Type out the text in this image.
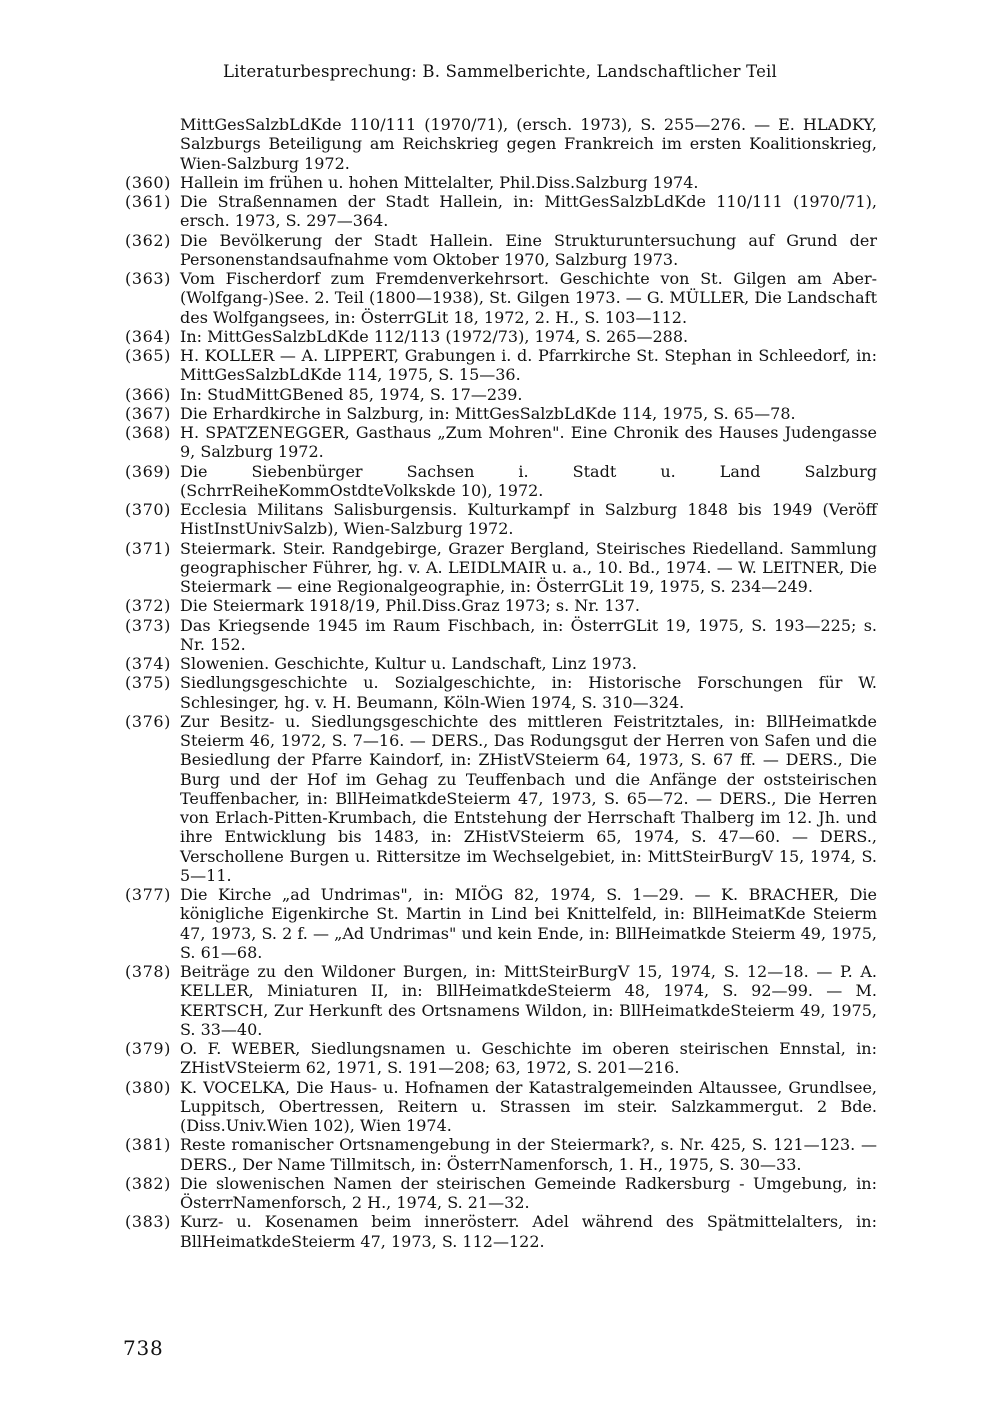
Literaturbesprechung: B. Sammelberichte, Landschaftlicher Teil
MittGesSalzbLdKde 110/111 (1970/71), (ersch. 1973), S. 255—276. — E. HLADKY, Salzburgs Beteiligung am Reichskrieg gegen Frankreich im ersten Koalitionskrieg, Wien-Salzburg 1972.
(360) Hallein im frühen u. hohen Mittelalter, Phil.Diss.Salzburg 1974.
(361) Die Straßennamen der Stadt Hallein, in: MittGesSalzbLdKde 110/111 (1970/71), ersch. 1973, S. 297—364.
(362) Die Bevölkerung der Stadt Hallein. Eine Strukturuntersuchung auf Grund der Personenstandsaufnahme vom Oktober 1970, Salzburg 1973.
(363) Vom Fischerdorf zum Fremdenverkehrsort. Geschichte von St. Gilgen am Aber-(Wolfgang-)See. 2. Teil (1800—1938), St. Gilgen 1973. — G. MÜLLER, Die Landschaft des Wolfgangsees, in: ÖsterrGLit 18, 1972, 2. H., S. 103—112.
(364) In: MittGesSalzbLdKde 112/113 (1972/73), 1974, S. 265—288.
(365) H. KOLLER — A. LIPPERT, Grabungen i. d. Pfarrkirche St. Stephan in Schleedorf, in: MittGesSalzbLdKde 114, 1975, S. 15—36.
(366) In: StudMittGBened 85, 1974, S. 17—239.
(367) Die Erhardkirche in Salzburg, in: MittGesSalzbLdKde 114, 1975, S. 65—78.
(368) H. SPATZENEGGER, Gasthaus „Zum Mohren". Eine Chronik des Hauses Judengasse 9, Salzburg 1972.
(369) Die Siebenbürger Sachsen i. Stadt u. Land Salzburg (SchrrReiheKommOstdteVolkskde 10), 1972.
(370) Ecclesia Militans Salisburgensis. Kulturkampf in Salzburg 1848 bis 1949 (Veröff HistInstUnivSalzb), Wien-Salzburg 1972.
(371) Steiermark. Steir. Randgebirge, Grazer Bergland, Steirisches Riedelland. Sammlung geographischer Führer, hg. v. A. LEIDLMAIR u. a., 10. Bd., 1974. — W. LEITNER, Die Steiermark — eine Regionalgeographie, in: ÖsterrGLit 19, 1975, S. 234—249.
(372) Die Steiermark 1918/19, Phil.Diss.Graz 1973; s. Nr. 137.
(373) Das Kriegsende 1945 im Raum Fischbach, in: ÖsterrGLit 19, 1975, S. 193—225; s. Nr. 152.
(374) Slowenien. Geschichte, Kultur u. Landschaft, Linz 1973.
(375) Siedlungsgeschichte u. Sozialgeschichte, in: Historische Forschungen für W. Schlesinger, hg. v. H. Beumann, Köln-Wien 1974, S. 310—324.
(376) Zur Besitz- u. Siedlungsgeschichte des mittleren Feistritztales, in: BllHeimatkde Steierm 46, 1972, S. 7—16. — DERS., Das Rodungsgut der Herren von Safen und die Besiedlung der Pfarre Kaindorf, in: ZHistVSteierm 64, 1973, S. 67 ff. — DERS., Die Burg und der Hof im Gehag zu Teuffenbach und die Anfänge der oststeirischen Teuffenbacher, in: BllHeimatkdeSteierm 47, 1973, S. 65—72. — DERS., Die Herren von Erlach-Pitten-Krumbach, die Entstehung der Herrschaft Thalberg im 12. Jh. und ihre Entwicklung bis 1483, in: ZHistVSteierm 65, 1974, S. 47—60. — DERS., Verschollene Burgen u. Rittersitze im Wechselgebiet, in: MittSteirBurgV 15, 1974, S. 5—11.
(377) Die Kirche „ad Undrimas", in: MIÖG 82, 1974, S. 1—29. — K. BRACHER, Die königliche Eigenkirche St. Martin in Lind bei Knittelfeld, in: BllHeimatKde Steierm 47, 1973, S. 2 f. — „Ad Undrimas" und kein Ende, in: BllHeimatkde Steierm 49, 1975, S. 61—68.
(378) Beiträge zu den Wildoner Burgen, in: MittSteirBurgV 15, 1974, S. 12—18. — P. A. KELLER, Miniaturen II, in: BllHeimatkdeSteierm 48, 1974, S. 92—99. — M. KERTSCH, Zur Herkunft des Ortsnamens Wildon, in: BllHeimatkdeSteierm 49, 1975, S. 33—40.
(379) O. F. WEBER, Siedlungsnamen u. Geschichte im oberen steirischen Ennstal, in: ZHistVSteierm 62, 1971, S. 191—208; 63, 1972, S. 201—216.
(380) K. VOCELKA, Die Haus- u. Hofnamen der Katastralgemeinden Altaussee, Grundlsee, Luppitsch, Obertressen, Reitern u. Strassen im steir. Salzkammergut. 2 Bde. (Diss.Univ.Wien 102), Wien 1974.
(381) Reste romanischer Ortsnamengebung in der Steiermark?, s. Nr. 425, S. 121—123. — DERS., Der Name Tillmitsch, in: ÖsterrNamenforsch, 1. H., 1975, S. 30—33.
(382) Die slowenischen Namen der steirischen Gemeinde Radkersburg - Umgebung, in: ÖsterrNamenforsch, 2 H., 1974, S. 21—32.
(383) Kurz- u. Kosenamen beim innerösterr. Adel während des Spätmittelalters, in: BllHeimatkdeSteierm 47, 1973, S. 112—122.
738
